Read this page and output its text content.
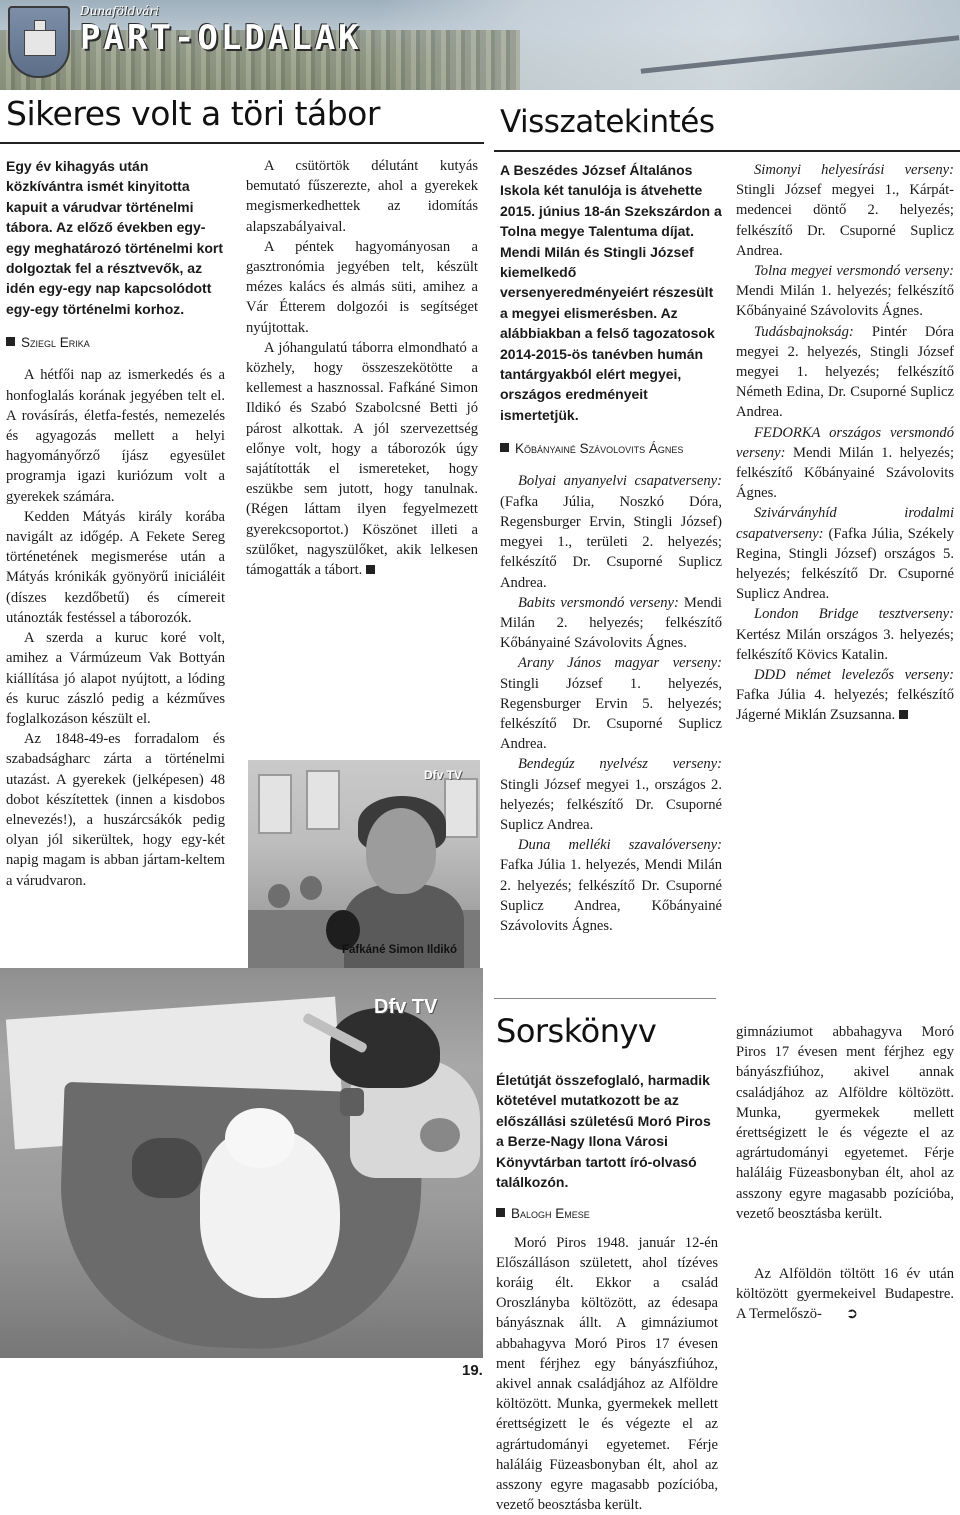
Dunaföldvári
PART-OLDALAK
Sikeres volt a töri tábor	Visszatekintés

Egy év kihagyás után közkívántra ismét kinyitotta kapuit a várudvar történelmi tábora. Az előző években egy-egy meghatározó történelmi kort dolgoztak fel a résztvevők, az idén egy-egy nap kapcsolódott egy-egy történelmi korhoz.

Szıegl Erika

A hétfői nap az ismerkedés és a honfoglalás korának jegyében telt el. A rovásírás, életfa-festés, nemezelés és agyagozás mellett a helyi hagyományőrző íjász egyesület programja igazi kuriózum volt a gyerekek számára.

Kedden Mátyás király korába navigált az időgép. A Fekete Sereg történetének megismerése után a Mátyás krónikák gyönyörű iniciáléit (díszes kezdőbetű) és címereit utánozták festéssel a táborozók.

A szerda a kuruc koré volt, amihez a Vármúzeum Vak Bottyán kiállítása jó alapot nyújtott, a lóding és kuruc zászló pedig a kézműves foglalkozáson készült el.

Az 1848-49-es forradalom és szabadságharc zárta a történelmi utazást. A gyerekek (jelképesen) 48 dobot készítettek (innen a kisdobos elnevezés!), a huszárcsákók pedig olyan jól sikerültek, hogy egy-két napig magam is abban jártam-keltem a várudvaron.

A csütörtök délutánt kutyás bemutató fűszerezte, ahol a gyerekek megismerkedhettek az idomítás alapszabályaival.

A péntek hagyományosan a gasztronómia jegyében telt, készült mézes kalács és almás süti, amihez a Vár Étterem dolgozói is segítséget nyújtottak.

A jóhangulatú táborra elmondható a közhely, hogy összeszekötötte a kellemest a hasznossal. Fafkáné Simon Ildikó és Szabó Szabolcsné Betti jó párost alkottak. A jól szervezettség előnye volt, hogy a táborozók úgy sajátították el ismereteket, hogy eszükbe sem jutott, hogy tanulnak. (Régen láttam ilyen fegyelmezett gyerekcsoportot.) Köszönet illeti a szülőket, nagyszülőket, akik lelkesen támogatták a tábort.

Dfv TV
Fafkáné Simon Ildikó
Dfv TV

A Beszédes József Általános Iskola két tanulója is átvehette 2015. június 18-án Szekszárdon a Tolna megye Talentuma díjat. Mendi Milán és Stingli József kiemelkedő versenyeredményeiért részesült a megyei elismerésben. Az alábbiakban a felső tagozatosok 2014-2015-ös tanévben humán tantárgyakból elért megyei, országos eredményeit ismertetjük.

Kőbányainé Szávolovits Ágnes

Bolyai anyanyelvi csapatverseny: (Fafka Júlia, Noszkó Dóra, Regensburger Ervin, Stingli József) megyei 1., területi 2. helyezés; felkészítő Dr. Csuporné Suplicz Andrea.

Babits versmondó verseny: Mendi Milán 2. helyezés; felkészítő Kőbányainé Szávolovits Ágnes.

Arany János magyar verseny: Stingli József 1. helyezés, Regensburger Ervin 5. helyezés; felkészítő Dr. Csuporné Suplicz Andrea.

Bendegúz nyelvész verseny: Stingli József megyei 1., országos 2. helyezés; felkészítő Dr. Csuporné Suplicz Andrea.

Duna melléki szavalóverseny: Fafka Júlia 1. helyezés, Mendi Milán 2. helyezés; felkészítő Dr. Csuporné Suplicz Andrea, Kőbányainé Szávolovits Ágnes.

Simonyi helyesírási verseny: Stingli József megyei 1., Kárpát-medencei döntő 2. helyezés; felkészítő Dr. Csuporné Suplicz Andrea.

Tolna megyei versmondó verseny: Mendi Milán 1. helyezés; felkészítő Kőbányainé Szávolovits Ágnes.

Tudásbajnokság: Pintér Dóra megyei 2. helyezés, Stingli József megyei 1. helyezés; felkészítő Németh Edina, Dr. Csuporné Suplicz Andrea.

FEDORKA országos versmondó verseny: Mendi Milán 1. helyezés; felkészítő Kőbányainé Szávolovits Ágnes.

Szivárványhíd irodalmi csapatverseny: (Fafka Júlia, Székely Regina, Stingli József) országos 5. helyezés; felkészítő Dr. Csuporné Suplicz Andrea.

London Bridge tesztverseny: Kertész Milán országos 3. helyezés; felkészítő Kövics Katalin.

DDD német levelezős verseny: Fafka Júlia 4. helyezés; felkészítő Jágerné Miklán Zsuzsanna.

Sorskönyv

Életútját összefoglaló, harmadik kötetével mutatkozott be az előszállási születésű Moró Piros a Berze-Nagy Ilona Városi Könyvtárban tartott író-olvasó találkozón.

Balogh Emese

Moró Piros 1948. január 12-én Előszálláson született, ahol tízéves koráig élt. Ekkor a család Oroszlányba költözött, az édesapa bányásznak állt. A gimnáziumot abbahagyva Moró Piros 17 évesen ment férjhez egy bányászfiúhoz, akivel annak családjához az Alföldre költözött. Munka, gyermekek mellett érettségizett le és végezte el az agrártudományi egyetemet. Férje haláláig Füzeasbonyban élt, ahol az asszony egyre magasabb pozícióba, vezető beosztásba került.

gimnáziumot abbahagyva Moró Piros 17 évesen ment férjhez egy bányászfiúhoz, akivel annak családjához az Alföldre költözött. Munka, gyermekek mellett érettségizett le és végezte el az agrártudományi egyetemet. Férje haláláig Füzeasbonyban élt, ahol az asszony egyre magasabb pozícióba, vezető beosztásba került.

Az Alföldön töltött 16 év után költözött gyermekeivel Budapestre. A Termelőszö- ➲

19.
